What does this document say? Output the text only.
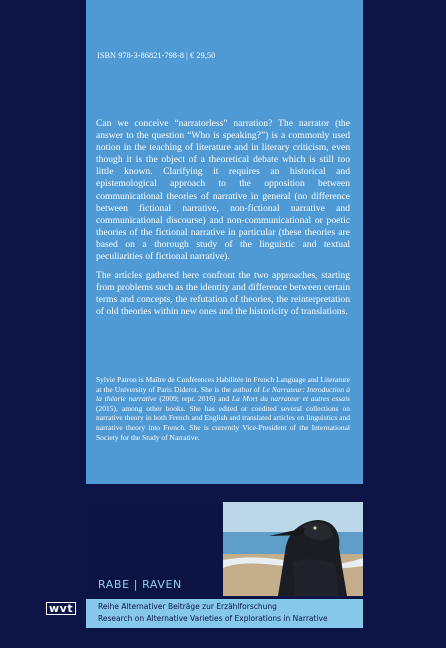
ISBN 978-3-86821-798-8 | € 29,50

Can we conceive “narratorless” narration? The narrator (the answer to the question “Who is speaking?”) is a commonly used notion in the teaching of literature and in literary criticism, even though it is the object of a theoretical debate which is still too little known. Clarifying it requires an historical and epistemological approach to the opposition between communicational theories of narrative in general (no difference between fictional narrative, non-fictional narrative and communicational discourse) and non-communicational or poetic theories of the fictional narrative in particular (these theories are based on a thorough study of the linguistic and textual peculiarities of fictional narrative).

The articles gathered here confront the two approaches, starting from problems such as the identity and difference between certain terms and concepts, the refutation of theories, the reinterpretation of old theories within new ones and the historicity of translations.

Sylvie Patron is Maître de Conférences Habilitée in French Language and Literature at the University of Paris Diderot. She is the author of Le Narrateur: Introduction à la théorie narrative (2009; repr. 2016) and La Mort du narrateur et autres essais (2015), among other books. She has edited or coedited several collections on narrative theory in both French and English and translated articles on linguistics and narrative theory into French. She is currently Vice-President of the International Society for the Study of Narrative.

RABE | RAVEN
Reihe Alternativer Beiträge zur Erzählforschung
Research on Alternative Varieties of Explorations in Narrative
wvt
